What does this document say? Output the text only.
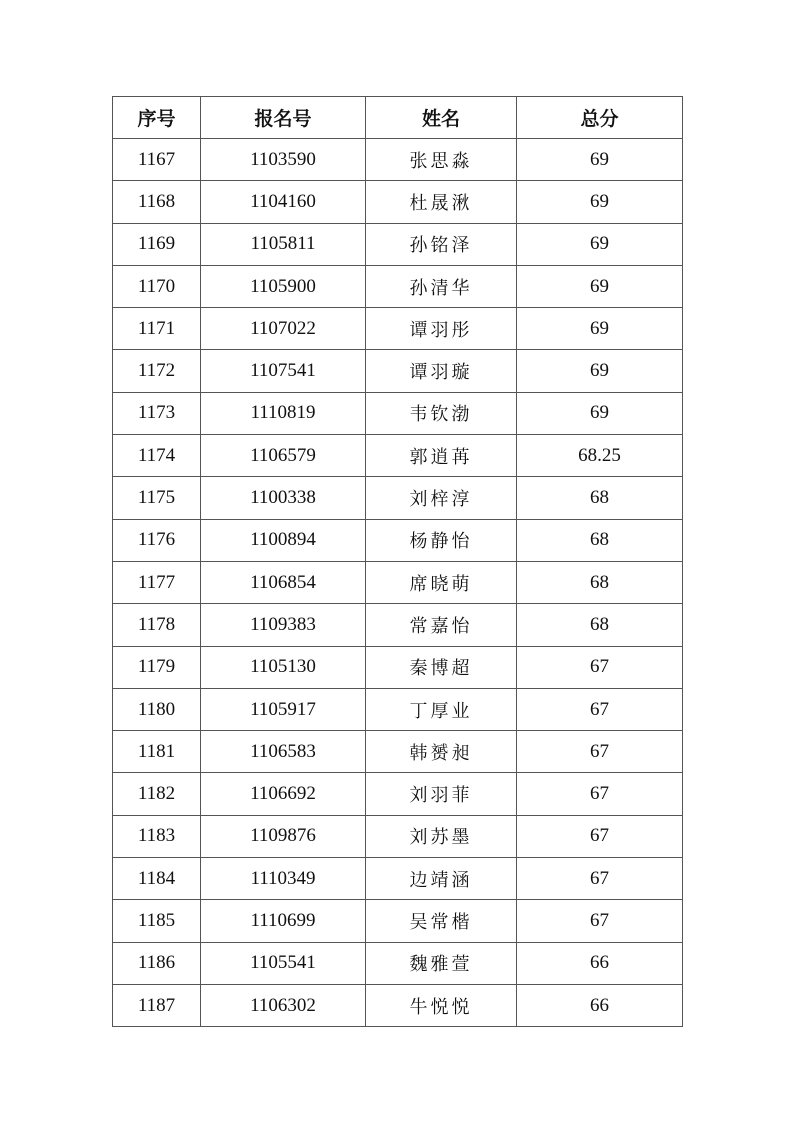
序号	报名号	姓名	总分
1167	1103590	张思淼	69
1168	1104160	杜晟湫	69
1169	1105811	孙铭泽	69
1170	1105900	孙清华	69
1171	1107022	谭羽彤	69
1172	1107541	谭羽璇	69
1173	1110819	韦钦渤	69
1174	1106579	郭逍苒	68.25
1175	1100338	刘梓淳	68
1176	1100894	杨静怡	68
1177	1106854	席晓萌	68
1178	1109383	常嘉怡	68
1179	1105130	秦博超	67
1180	1105917	丁厚业	67
1181	1106583	韩赟昶	67
1182	1106692	刘羽菲	67
1183	1109876	刘苏墨	67
1184	1110349	边靖涵	67
1185	1110699	吴常楷	67
1186	1105541	魏雅萱	66
1187	1106302	牛悦悦	66
